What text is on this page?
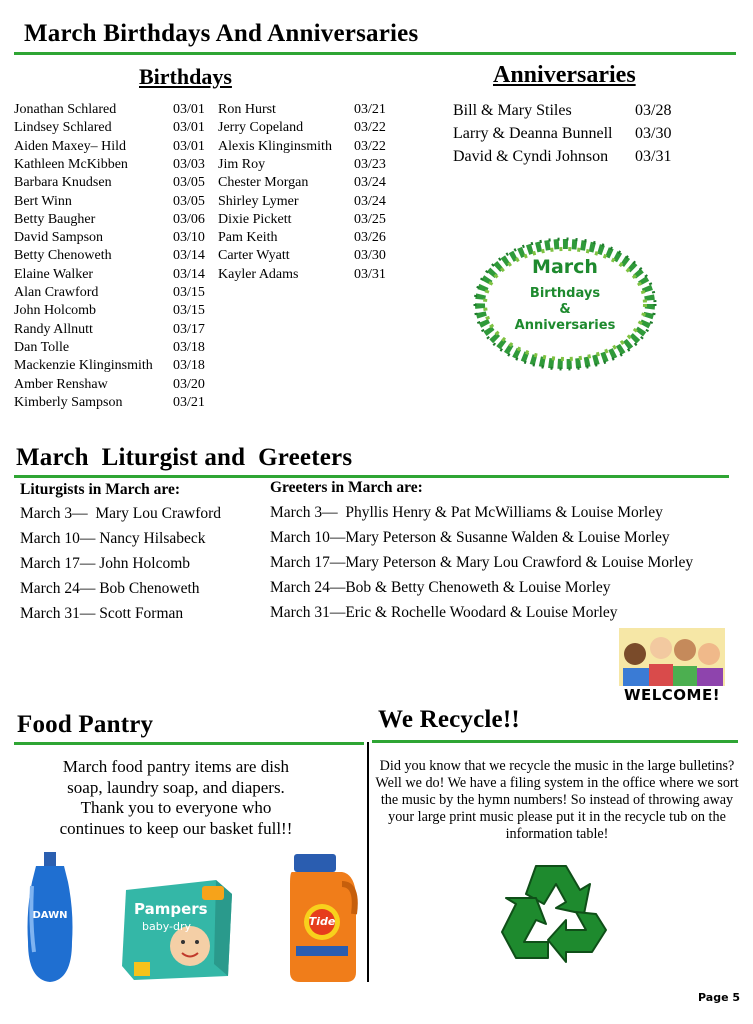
March Birthdays And Anniversaries
Birthdays
Jonathan Schlared	03/01
Lindsey Schlared	03/01
Aiden Maxey– Hild	03/01
Kathleen McKibben	03/03
Barbara Knudsen	03/05
Bert Winn	03/05
Betty Baugher	03/06
David Sampson	03/10
Betty Chenoweth	03/14
Elaine Walker	03/14
Alan Crawford	03/15
John Holcomb	03/15
Randy Allnutt	03/17
Dan Tolle	03/18
Mackenzie Klinginsmith 03/18
Amber Renshaw	03/20
Kimberly Sampson	03/21
Ron Hurst	03/21
Jerry Copeland	03/22
Alexis Klinginsmith 03/22
Jim Roy	03/23
Chester Morgan	03/24
Shirley Lymer	03/24
Dixie Pickett	03/25
Pam Keith	03/26
Carter Wyatt	03/30
Kayler Adams	03/31
Anniversaries
Bill & Mary Stiles	03/28
Larry & Deanna Bunnell 03/30
David & Cyndi Johnson 03/31
March
Birthdays
&
Anniversaries
March  Liturgist and  Greeters
Liturgists in March are:	Greeters in March are:
March 3—  Mary Lou Crawford
March 10— Nancy Hilsabeck
March 17— John Holcomb
March 24— Bob Chenoweth
March 31— Scott Forman
March 3—  Phyllis Henry & Pat McWilliams & Louise Morley
March 10—Mary Peterson & Susanne Walden & Louise Morley
March 17—Mary Peterson & Mary Lou Crawford & Louise Morley
March 24—Bob & Betty Chenoweth & Louise Morley
March 31—Eric & Rochelle Woodard & Louise Morley
WELCOME!
Food Pantry
March food pantry items are dish soap, laundry soap, and diapers. Thank you to everyone who continues to keep our basket full!!
DAWN	Pampers
baby-dry	Tide
We Recycle!!
Did you know that we recycle the music in the large bulletins? Well we do! We have a filing system in the office where we sort the music by the hymn numbers! So instead of throwing away your large print music please put it in the recycle tub on the information table!
Page 5
